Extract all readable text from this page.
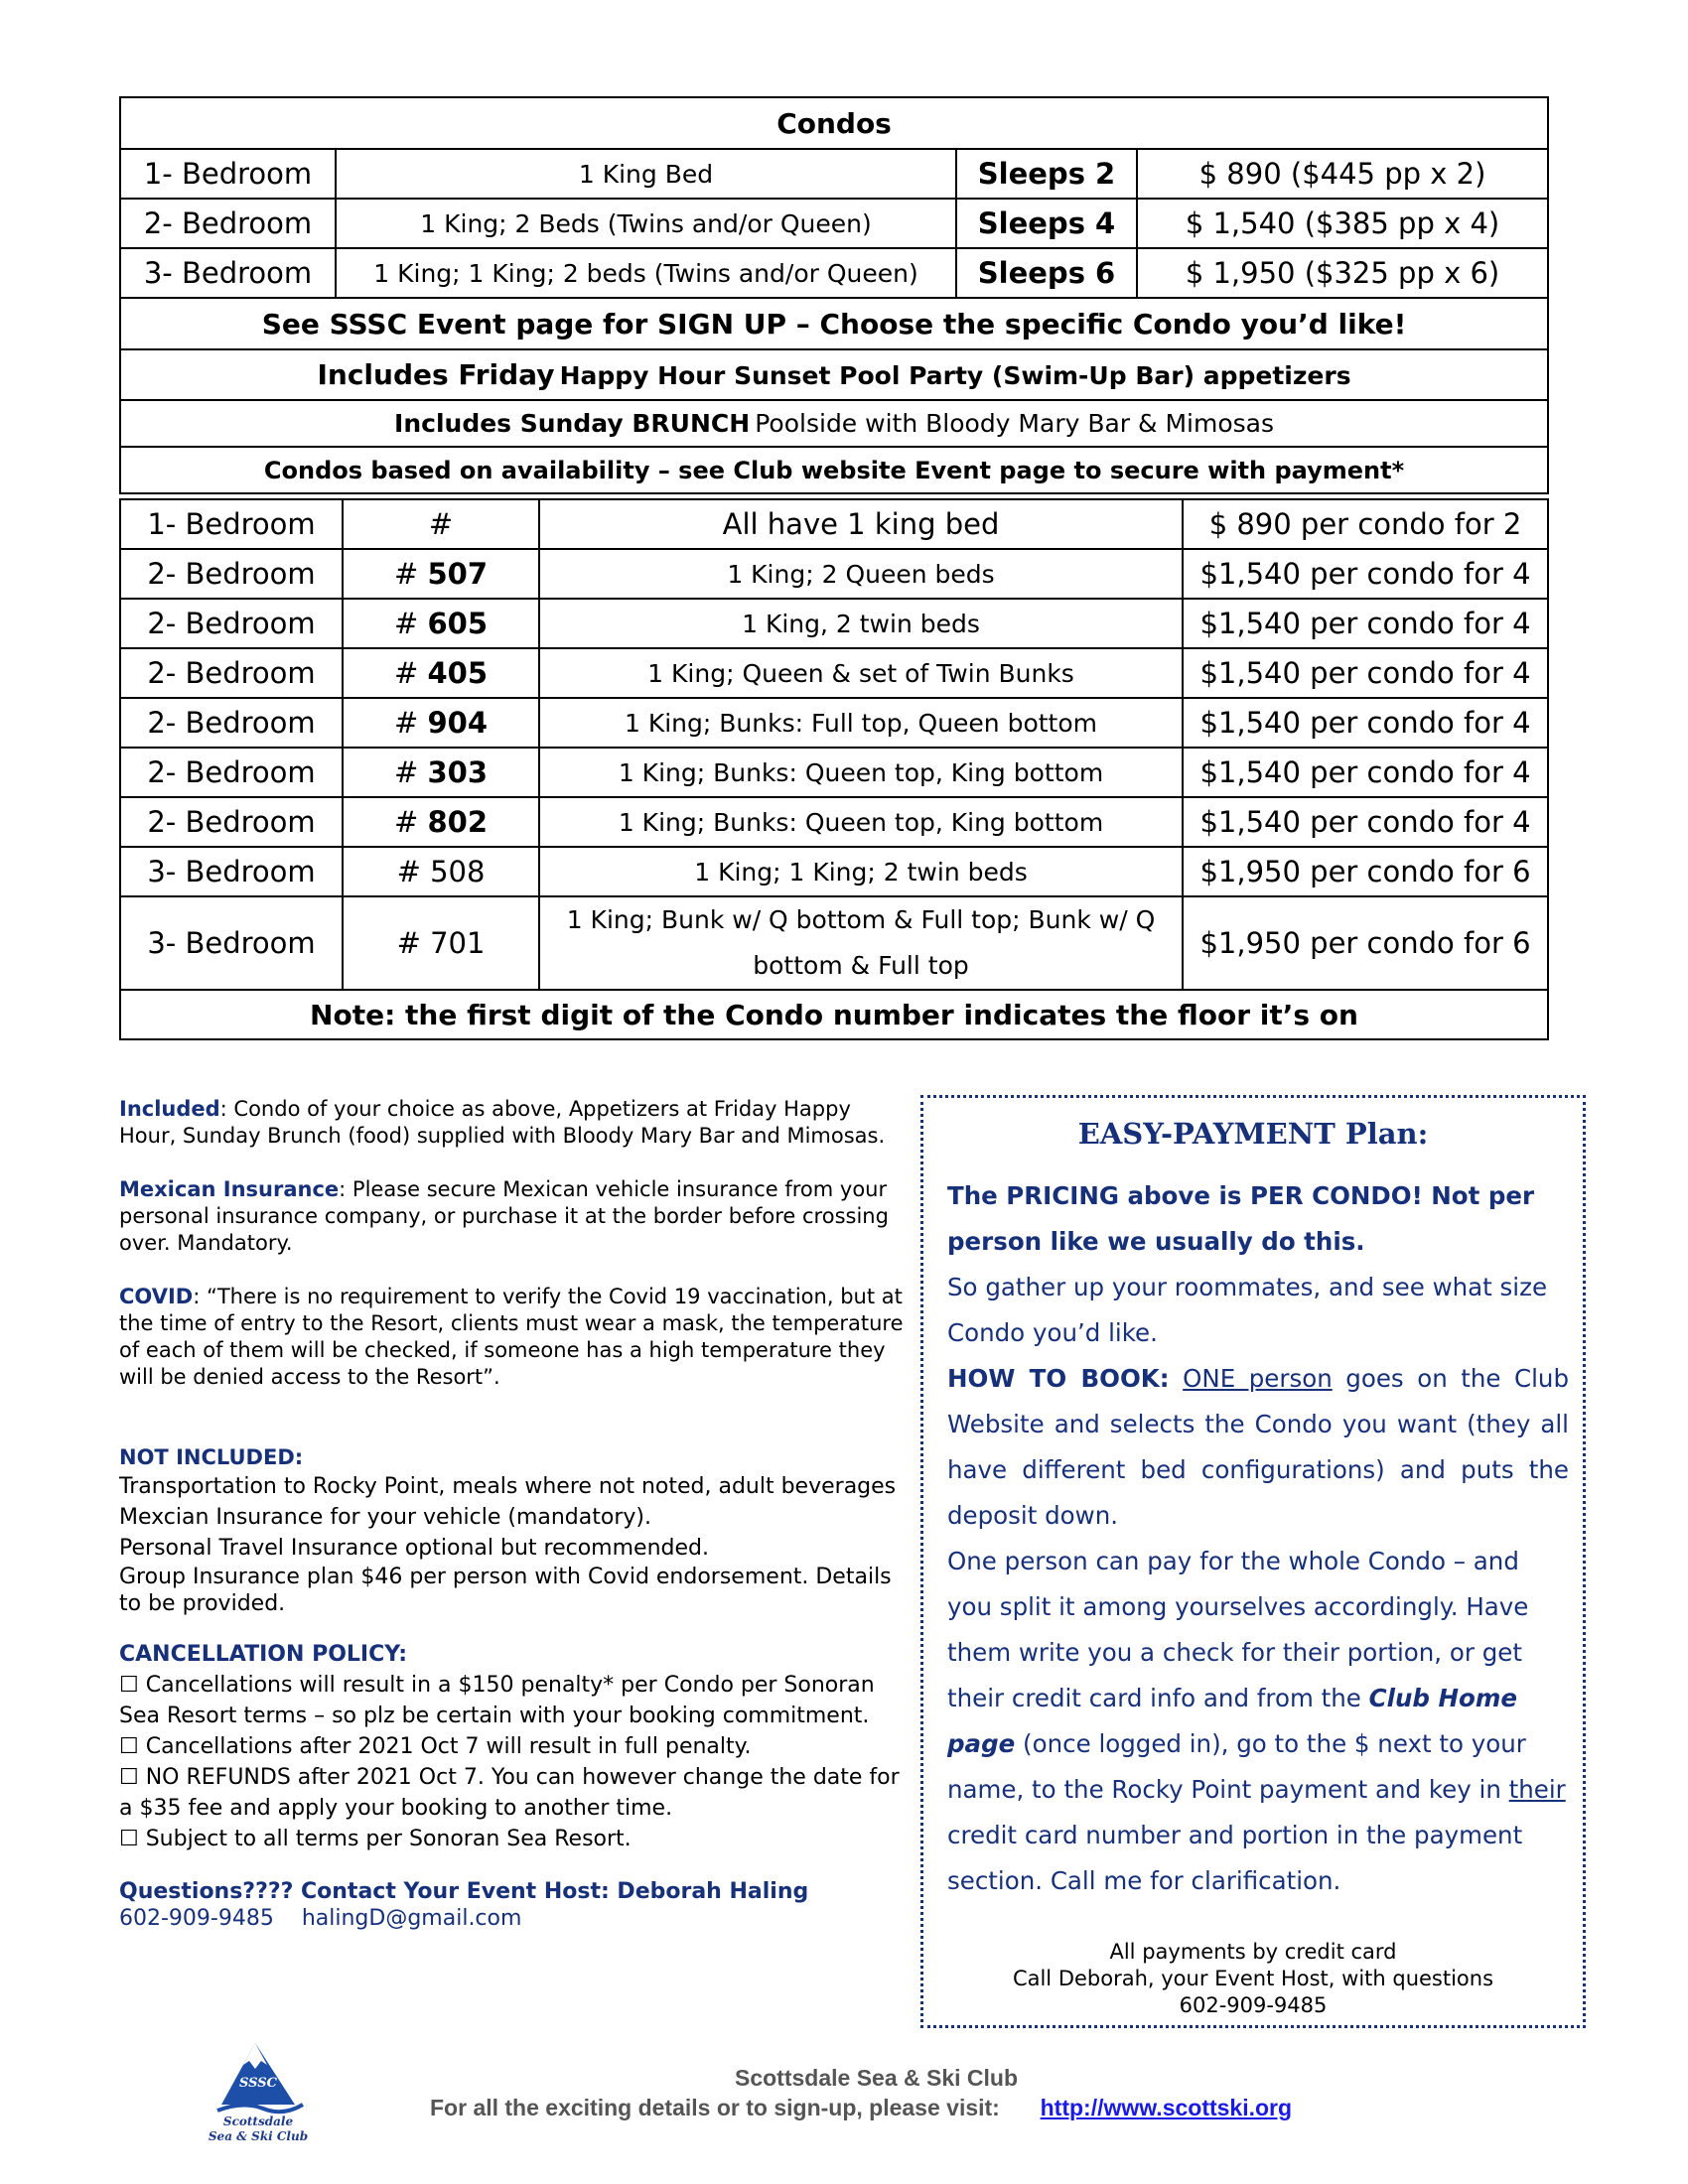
Condos			
1- Bedroom	1 King Bed	Sleeps 2	$ 890 ($445 pp x 2)
2- Bedroom	1 King; 2 Beds (Twins and/or Queen)	Sleeps 4	$ 1,540 ($385 pp x 4)
3- Bedroom	1 King; 1 King; 2 beds (Twins and/or Queen)	Sleeps 6	$ 1,950 ($325 pp x 6)
See SSSC Event page for SIGN UP – Choose the specific Condo you’d like!			
Includes Friday Happy Hour Sunset Pool Party (Swim-Up Bar) appetizers			
Includes Sunday BRUNCH Poolside with Bloody Mary Bar & Mimosas			
Condos based on availability – see Club website Event page to secure with payment*			
1- Bedroom	#	All have 1 king bed	$ 890 per condo for 2
2- Bedroom	# 507	1 King; 2 Queen beds	$1,540 per condo for 4
2- Bedroom	# 605	1 King, 2 twin beds	$1,540 per condo for 4
2- Bedroom	# 405	1 King; Queen & set of Twin Bunks	$1,540 per condo for 4
2- Bedroom	# 904	1 King; Bunks: Full top, Queen bottom	$1,540 per condo for 4
2- Bedroom	# 303	1 King; Bunks: Queen top, King bottom	$1,540 per condo for 4
2- Bedroom	# 802	1 King; Bunks: Queen top, King bottom	$1,540 per condo for 4
3- Bedroom	# 508	1 King; 1 King; 2 twin beds	$1,950 per condo for 6
3- Bedroom	# 701	1 King; Bunk w/ Q bottom & Full top; Bunk w/ Q
bottom & Full top	$1,950 per condo for 6
Note: the first digit of the Condo number indicates the floor it’s on			
Included: Condo of your choice as above, Appetizers at Friday Happy Hour, Sunday Brunch (food) supplied with Bloody Mary Bar and Mimosas.
Mexican Insurance: Please secure Mexican vehicle insurance from your personal insurance company, or purchase it at the border before crossing over. Mandatory.
COVID: “There is no requirement to verify the Covid 19 vaccination, but at the time of entry to the Resort, clients must wear a mask, the temperature of each of them will be checked, if someone has a high temperature they will be denied access to the Resort”.
NOT INCLUDED:
Transportation to Rocky Point, meals where not noted, adult beverages
Mexcian Insurance for your vehicle (mandatory).
Personal Travel Insurance optional but recommended.
Group Insurance plan $46 per person with Covid endorsement. Details to be provided.
CANCELLATION POLICY:
☐ Cancellations will result in a $150 penalty* per Condo per Sonoran Sea Resort terms – so plz be certain with your booking commitment.
☐ Cancellations after 2021 Oct 7 will result in full penalty.
☐ NO REFUNDS after 2021 Oct 7. You can however change the date for a $35 fee and apply your booking to another time.
☐ Subject to all terms per Sonoran Sea Resort.
Questions???? Contact Your Event Host: Deborah Haling
602-909-9485 halingD@gmail.com
EASY-PAYMENT Plan:
The PRICING above is PER CONDO! Not per person like we usually do this.
So gather up your roommates, and see what size Condo you’d like.
HOW TO BOOK: ONE person goes on the Club Website and selects the Condo you want (they all have different bed configurations) and puts the deposit down.
One person can pay for the whole Condo – and you split it among yourselves accordingly. Have them write you a check for their portion, or get their credit card info and from the Club Home page (once logged in), go to the $ next to your name, to the Rocky Point payment and key in their credit card number and portion in the payment section. Call me for clarification.
All payments by credit card
Call Deborah, your Event Host, with questions
602-909-9485
SSSC
Scottsdale
Sea & Ski Club
Scottsdale Sea & Ski Club
For all the exciting details or to sign-up, please visit: http://www.scottski.org
